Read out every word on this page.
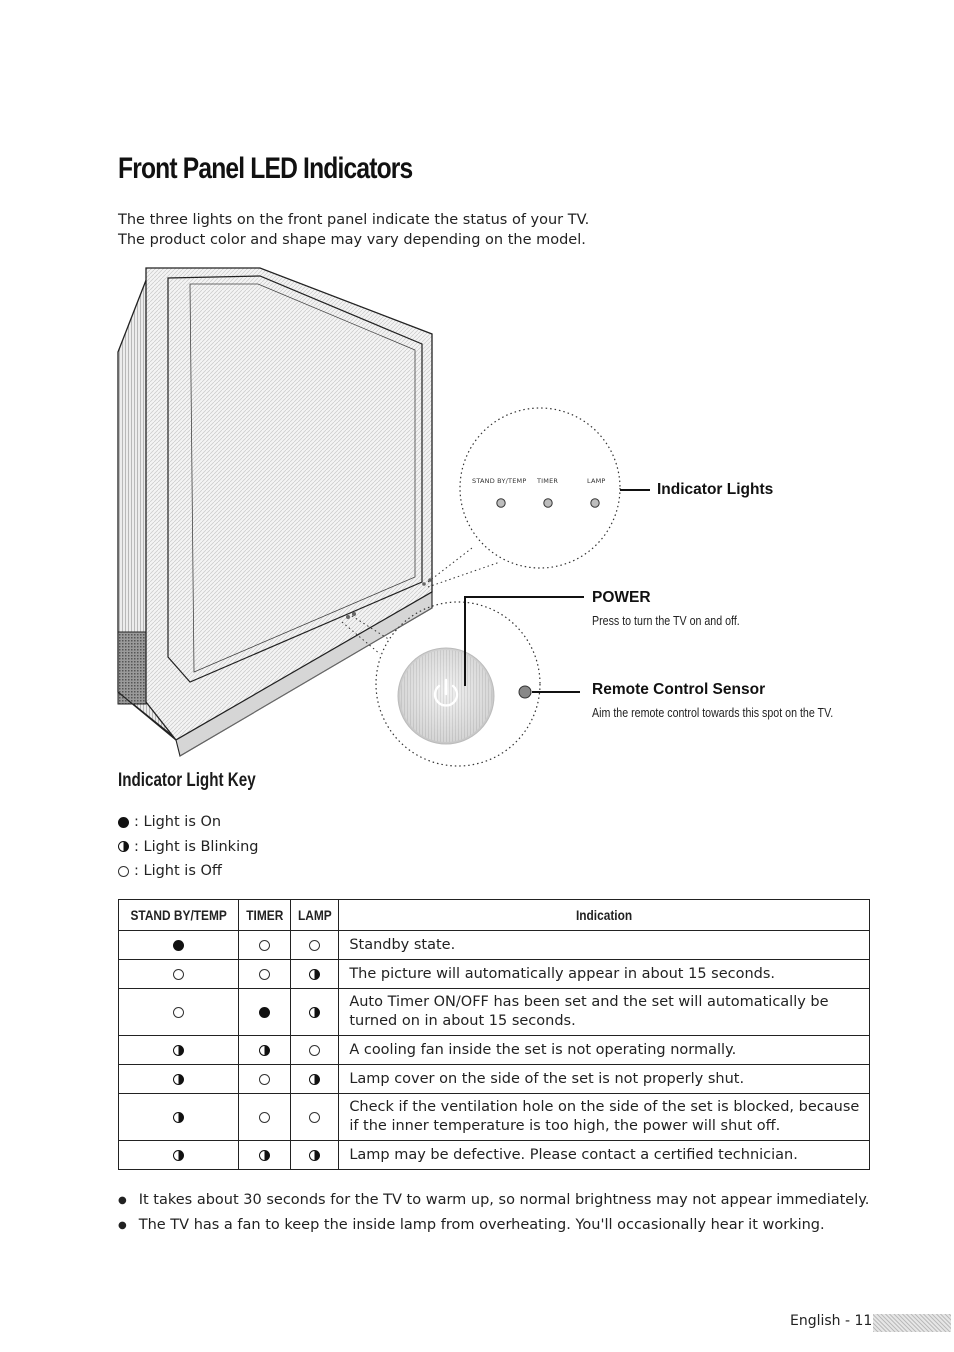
Front Panel LED Indicators
The three lights on the front panel indicate the status of your TV.
The product color and shape may vary depending on the model.
STAND BY/TEMP TIMER	LAMP	Indicator Lights
POWER
Press to turn the TV on and off.
Remote Control Sensor
Aim the remote control towards this spot on the TV.
Indicator Light Key
: Light is On
: Light is Blinking
: Light is Off
STAND BY/TEMP	TIMER	LAMP	Indication
			Standby state.
			The picture will automatically appear in about 15 seconds.
			Auto Timer ON/OFF has been set and the set will automatically be turned on in about 15 seconds.
			A cooling fan inside the set is not operating normally.
			Lamp cover on the side of the set is not properly shut.
			Check if the ventilation hole on the side of the set is blocked, because if the inner temperature is too high, the power will shut off.
			Lamp may be defective. Please contact a certified technician.
● It takes about 30 seconds for the TV to warm up, so normal brightness may not appear immediately.
● The TV has a fan to keep the inside lamp from overheating. You'll occasionally hear it working.
English - 11
